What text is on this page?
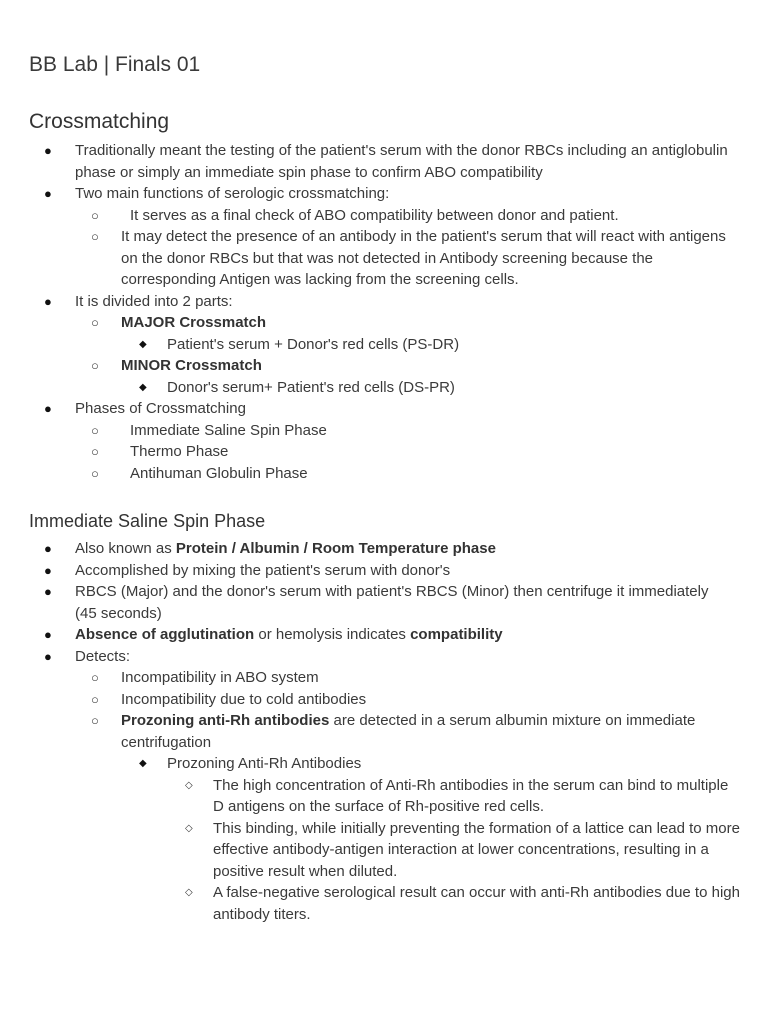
BB Lab | Finals 01
Crossmatching
● Traditionally meant the testing of the patient's serum with the donor RBCs including an antiglobulin phase or simply an immediate spin phase to confirm ABO compatibility
● Two main functions of serologic crossmatching:
○	It serves as a final check of ABO compatibility between donor and patient.
○	It may detect the presence of an antibody in the patient's serum that will react with antigens on the donor RBCs but that was not detected in Antibody screening because the corresponding Antigen was lacking from the screening cells.
● It is divided into 2 parts:
○ MAJOR Crossmatch
◆ Patient's serum + Donor's red cells (PS-DR)
○ MINOR Crossmatch
◆ Donor's serum+ Patient's red cells (DS-PR)
● Phases of Crossmatching
○ Immediate Saline Spin Phase
○ Thermo Phase
○ Antihuman Globulin Phase
Immediate Saline Spin Phase
● Also known as Protein / Albumin / Room Temperature phase
● Accomplished by mixing the patient's serum with donor's
● RBCS (Major) and the donor's serum with patient's RBCS (Minor) then centrifuge it immediately (45 seconds)
● Absence of agglutination or hemolysis indicates compatibility
● Detects:
○ Incompatibility in ABO system
○ Incompatibility due to cold antibodies
○ Prozoning anti-Rh antibodies are detected in a serum albumin mixture on immediate centrifugation
◆ Prozoning Anti-Rh Antibodies
◇ The high concentration of Anti-Rh antibodies in the serum can bind to multiple D antigens on the surface of Rh-positive red cells.
◇ This binding, while initially preventing the formation of a lattice can lead to more effective antibody-antigen interaction at lower concentrations, resulting in a positive result when diluted.
◇ A false-negative serological result can occur with anti-Rh antibodies due to high antibody titers.
